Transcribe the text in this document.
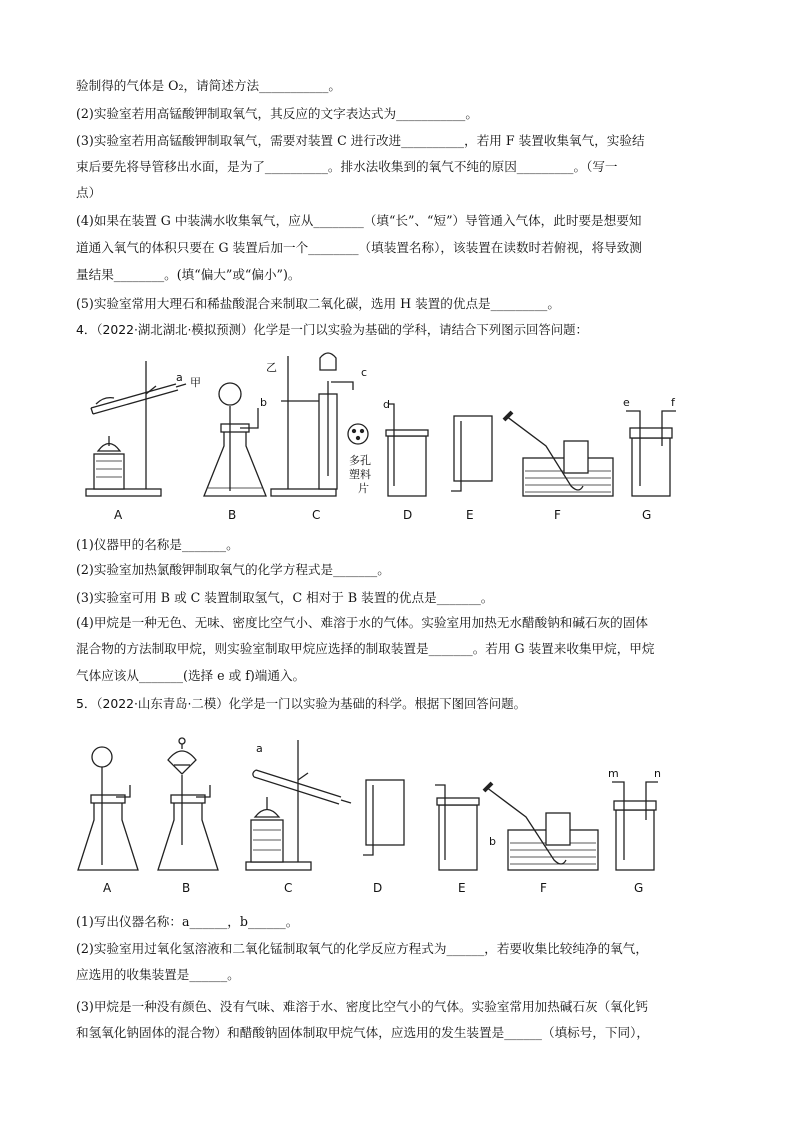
验制得的气体是 O₂，请简述方法___________。
(2)实验室若用高锰酸钾制取氧气，其反应的文字表达式为___________。
(3)实验室若用高锰酸钾制取氧气，需要对装置 C 进行改进__________，若用 F 装置收集氧气，实验结
束后要先将导管移出水面，是为了__________。排水法收集到的氧气不纯的原因_________。（写一
点）
(4)如果在装置 G 中装满水收集氧气，应从________（填“长”、“短”）导管通入气体，此时要是想要知
道通入氧气的体积只要在 G 装置后加一个________（填装置名称），该装置在读数时若俯视，将导致测
量结果________。(填“偏大”或“偏小”)。
(5)实验室常用大理石和稀盐酸混合来制取二氧化碳，选用 H 装置的优点是_________。
4．（2022·湖北湖北·模拟预测）化学是一门以实验为基础的学科，请结合下列图示回答问题：
a
A
甲
b
B
乙	c
多孔
塑料
片
C
d
D	E	F
e	f
G
(1)仪器甲的名称是_______。
(2)实验室加热氯酸钾制取氧气的化学方程式是_______。
(3)实验室可用 B 或 C 装置制取氢气，C 相对于 B 装置的优点是_______。
(4)甲烷是一种无色、无味、密度比空气小、难溶于水的气体。实验室用加热无水醋酸钠和碱石灰的固体
混合物的方法制取甲烷，则实验室制取甲烷应选择的制取装置是_______。若用 G 装置来收集甲烷，甲烷
气体应该从_______(选择 e 或 f)端通入。
5．（2022·山东青岛·二模）化学是一门以实验为基础的科学。根据下图回答问题。
A	B
a
C	D	E
b
F
m	n
G
(1)写出仪器名称：a______，b______。
(2)实验室用过氧化氢溶液和二氧化锰制取氧气的化学反应方程式为______，若要收集比较纯净的氧气，
应选用的收集装置是______。
(3)甲烷是一种没有颜色、没有气味、难溶于水、密度比空气小的气体。实验室常用加热碱石灰（氧化钙
和氢氧化钠固体的混合物）和醋酸钠固体制取甲烷气体，应选用的发生装置是______（填标号，下同），
